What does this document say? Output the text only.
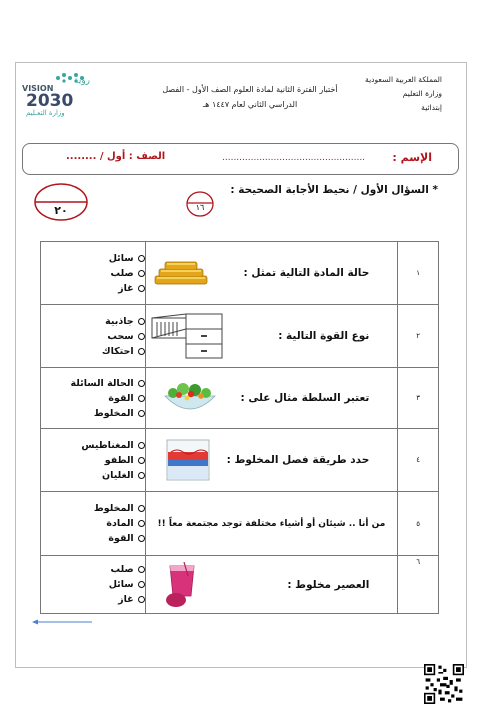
المملكة العربية السعودية
وزارة التعليم
إبتدائية
أختبار الفترة الثانية لمادة العلوم الصف الأول - الفصل
الدراسي الثاني لعام ١٤٤٧ هـ
VISION
رؤية
2030
وزارة التعـليم
الإسم :
..................................................
الصف : أول / ........
٢٠	١٦
* السؤال الأول / نحيط الأجابة الصحيحة :
سائل
صلب
غاز	حالة المادة التالية تمثل :	١

جاذبية
سحب
احتكاك	نوع القوة التالية :	٢

الحالة السائلة
القوة
المخلوط	تعتبر السلطة مثال على :	٣

المغناطيس
الطفو
الغليان	حدد طريقة فصل المخلوط :	٤

المخلوط
المادة
القوة	من أنا .. شيئان أو أشياء مختلفة توجد مجتمعة معاً !!	٥

صلب
سائل
غاز	العصير مخلوط :	٦
